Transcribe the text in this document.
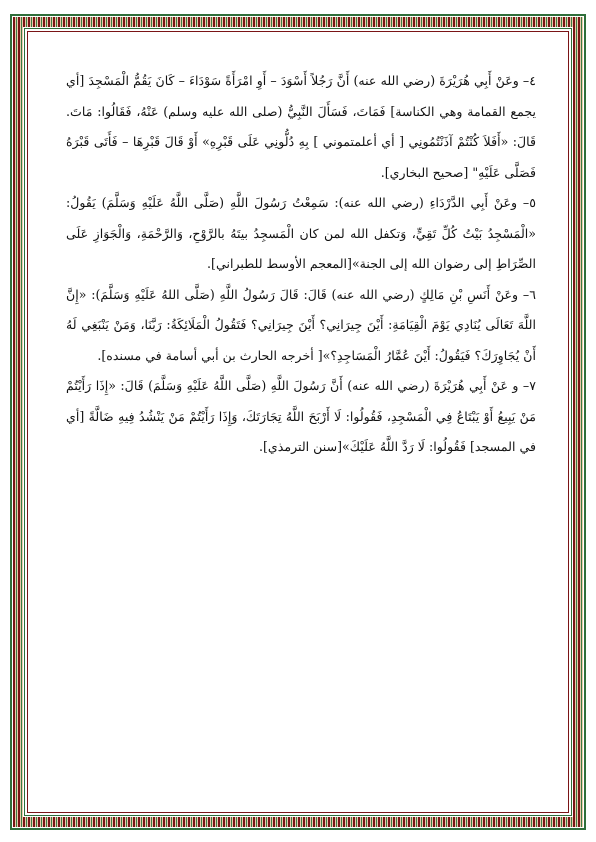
٤– وعَنْ أَبِي هُرَيْرَةَ (رضي الله عنه) أَنَّ رَجُلاً أَسْوَدَ – أَوِ امْرَأَةً سَوْدَاءَ – كَانَ يَقُمُّ الْمَسْجِدَ [أي يجمع القمامة وهي الكناسة] فَمَاتَ، فَسَأَلَ النَّبِيُّ (صلى الله عليه وسلم) عَنْهُ، فَقَالُوا: مَاتَ. قَالَ: «أَفَلاَ كُنْتُمْ آذَنْتُمُونِي [ أي أعلمتموني ] بِهِ دُلُّونِي عَلَى قَبْرِهِ» أَوْ قَالَ قَبْرِهَا – فَأَتَى قَبْرَهُ فَصَلَّى عَلَيْهِ" [صحيح البخاري].

٥– وعَنْ أَبِي الدَّرْدَاءِ (رضي الله عنه): سَمِعْتُ رَسُولَ اللَّهِ (صَلَّى اللَّهُ عَلَيْهِ وَسَلَّمَ) يَقُولُ: «الْمَسْجِدُ بَيْتُ كُلِّ تَقِيٍّ، وَتكفل الله لمن كان الْمَسجِدُ بيتَهُ بالرَّوْحِ، وَالرَّحْمَةِ، وَالْجَوَازِ عَلَى الصِّرَاطِ إلى رضوان الله إلى الجنة»[المعجم الأوسط للطبراني].

٦– وعَنْ أَنَسِ بْنِ مَالِكٍ (رضي الله عنه) قَالَ: قَالَ رَسُولُ اللَّهِ (صَلَّى اللهُ عَلَيْهِ وَسَلَّمَ): «إِنَّ اللَّهَ تَعَالَى يُنَادِي يَوْمَ الْقِيَامَةِ: أَيْنَ جِيرَانِي؟ أَيْنَ جِيرَانِي؟ فَتَقُولُ الْمَلَائِكَةُ: رَبَّنَا، وَمَنْ يَنْبَغِي لَهُ أَنْ يُجَاوِرَكَ؟ فَيَقُولُ: أَيْنَ عُمَّارُ الْمَسَاجِدِ؟»[ أخرجه الحارث بن أبي أسامة في مسنده].

٧– و عَنْ أَبِي هُرَيْرَةَ (رضي الله عنه) أَنَّ رَسُولَ اللَّهِ (صَلَّى اللَّهُ عَلَيْهِ وَسَلَّمَ) قَالَ: «إِذَا رَأَيْتُمْ مَنْ يَبِيعُ أَوْ يَبْتَاعُ فِي الْمَسْجِدِ، فَقُولُوا: لَا أَرْبَحَ اللَّهُ تِجَارَتَكَ، وَإِذَا رَأَيْتُمْ مَنْ يَنْشُدُ فِيهِ ضَالَّةً [أي في المسجد] فَقُولُوا: لَا رَدَّ اللَّهُ عَلَيْكَ»[سنن الترمذي].
